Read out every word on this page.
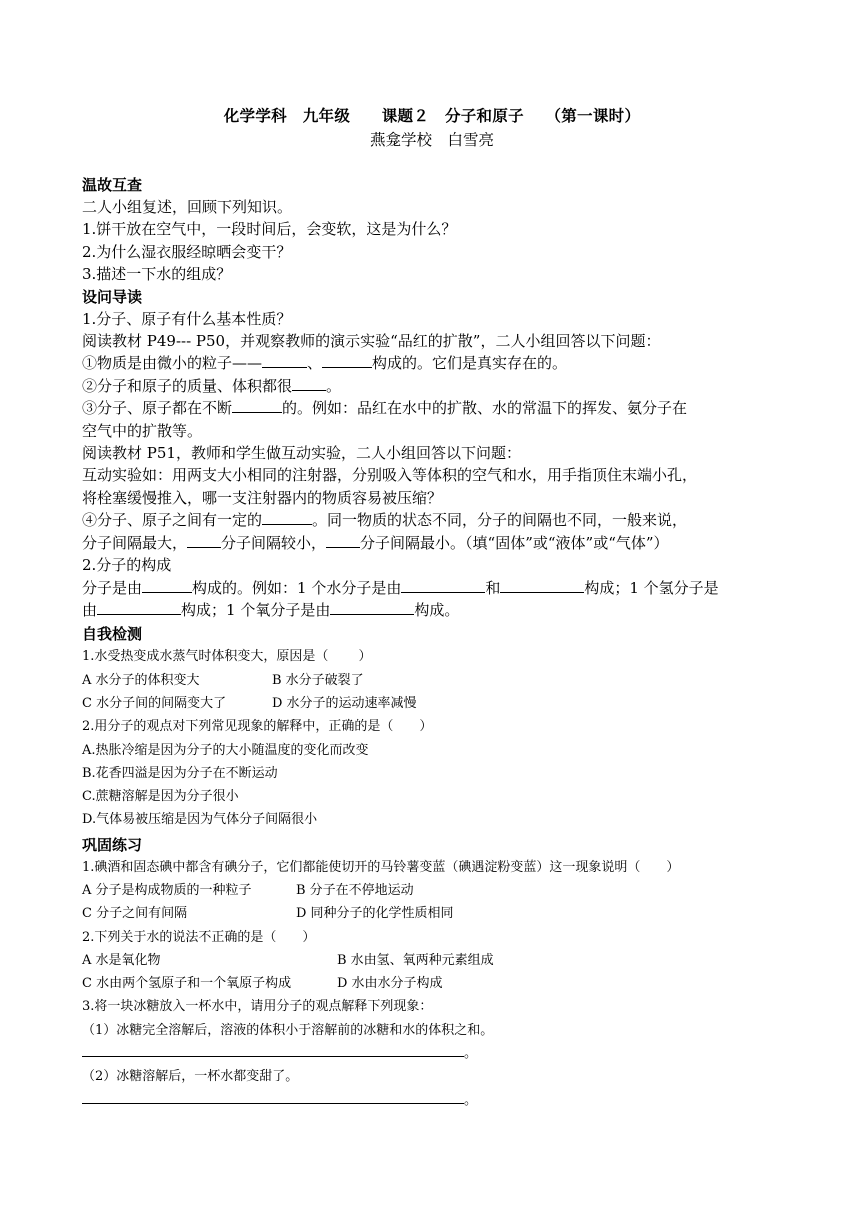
化学学科　九年级　　课题２　分子和原子　 （第一课时）
燕龛学校　白雪亮
温故互查
二人小组复述，回顾下列知识。
1.饼干放在空气中，一段时间后，会变软，这是为什么？
2.为什么湿衣服经晾晒会变干？
3.描述一下水的组成？
设问导读
1.分子、原子有什么基本性质？
阅读教材 P49--- P50，并观察教师的演示实验“品红的扩散”，二人小组回答以下问题：
①物质是由微小的粒子——	、	构成的。它们是真实存在的。
②分子和原子的质量、体积都很 。
③分子、原子都在不断	的。例如：品红在水中的扩散、水的常温下的挥发、氨分子在
空气中的扩散等。
阅读教材 P51，教师和学生做互动实验，二人小组回答以下问题：
互动实验如：用两支大小相同的注射器，分别吸入等体积的空气和水，用手指顶住末端小孔，
将栓塞缓慢推入，哪一支注射器内的物质容易被压缩？
④分子、原子之间有一定的	。同一物质的状态不同，分子的间隔也不同，一般来说，
分子间隔最大， 分子间隔较小， 分子间隔最小。（填“固体”或“液体”或“气体”）
2.分子的构成
分子是由	构成的。例如：1 个水分子是由	和	构成；1 个氢分子是
由	构成；1 个氧分子是由	构成。
自我检测
1.水受热变成水蒸气时体积变大，原因是（　　 ）
A 水分子的体积变大	B 水分子破裂了
C 水分子间的间隔变大了	D 水分子的运动速率减慢
2.用分子的观点对下列常见现象的解释中，正确的是（　　）
A.热胀冷缩是因为分子的大小随温度的变化而改变
B.花香四溢是因为分子在不断运动
C.蔗糖溶解是因为分子很小
D.气体易被压缩是因为气体分子间隔很小
巩固练习
1.碘酒和固态碘中都含有碘分子，它们都能使切开的马铃薯变蓝（碘遇淀粉变蓝）这一现象说明（　　）
A 分子是构成物质的一种粒子	B 分子在不停地运动
C 分子之间有间隔	D 同种分子的化学性质相同
2.下列关于水的说法不正确的是（　　）
A 水是氧化物	B 水由氢、氧两种元素组成
C 水由两个氢原子和一个氧原子构成	D 水由水分子构成
3.将一块冰糖放入一杯水中，请用分子的观点解释下列现象：
（1）冰糖完全溶解后，溶液的体积小于溶解前的冰糖和水的体积之和。
。
（2）冰糖溶解后，一杯水都变甜了。
。
